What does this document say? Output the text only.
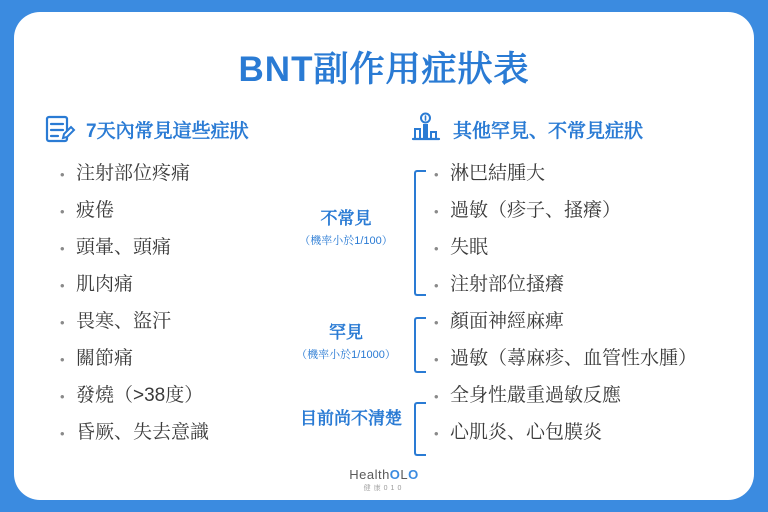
BNT副作用症狀表
7天內常見這些症狀	其他罕見、不常見症狀
• 注射部位疼痛
• 疲倦
• 頭暈、頭痛
• 肌肉痛
• 畏寒、盜汗
• 關節痛
• 發燒（>38度）
• 昏厥、失去意識
• 淋巴結腫大
• 過敏（疹子、搔癢）
• 失眠
• 注射部位搔癢
• 顏面神經麻痺
• 過敏（蕁麻疹、血管性水腫）
• 全身性嚴重過敏反應
• 心肌炎、心包膜炎
不常見
（機率小於1/100）
罕見
（機率小於1/1000）
目前尚不清楚
HealthOLO
健康010
